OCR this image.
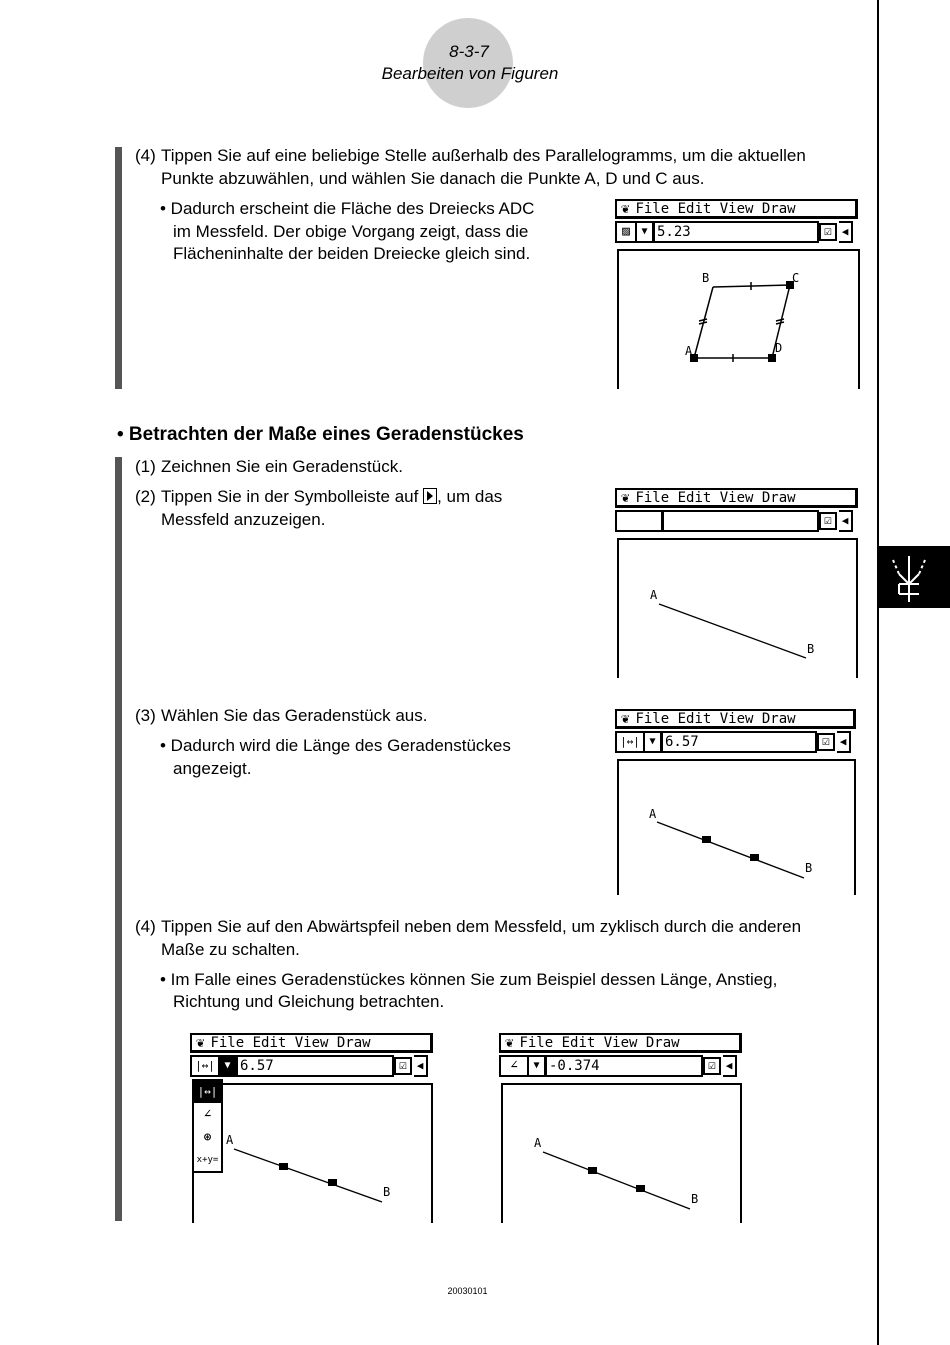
8-3-7
Bearbeiten von Figuren
(4) Tippen Sie auf eine beliebige Stelle außerhalb des Parallelogramms, um die aktuellen
Punkte abzuwählen, und wählen Sie danach die Punkte A, D und C aus.
• Dadurch erscheint die Fläche des Dreiecks ADC
im Messfeld. Der obige Vorgang zeigt, dass die
Flächeninhalte der beiden Dreiecke gleich sind.
❦ File Edit View Draw
▨	▼ 5.23	☑ ◀
B	C
A	D
• Betrachten der Maße eines Geradenstückes
(1) Zeichnen Sie ein Geradenstück.
(2) Tippen Sie in der Symbolleiste auf , um das
Messfeld anzuzeigen.
❦ File Edit View Draw
☑ ◀
A
B
(3) Wählen Sie das Geradenstück aus.
• Dadurch wird die Länge des Geradenstückes
angezeigt.
❦ File Edit View Draw
|↔| ▼ 6.57	☑ ◀
A
B
(4) Tippen Sie auf den Abwärtspfeil neben dem Messfeld, um zyklisch durch die anderen
Maße zu schalten.
• Im Falle eines Geradenstückes können Sie zum Beispiel dessen Länge, Anstieg,
Richtung und Gleichung betrachten.
❦ File Edit View Draw
|↔| ▼ 6.57	☑ ◀
A
B
|↔|
∠
⊛
x+y=
❦ File Edit View Draw
∠	▼ -0.374	☑ ◀
A
B
20030101
